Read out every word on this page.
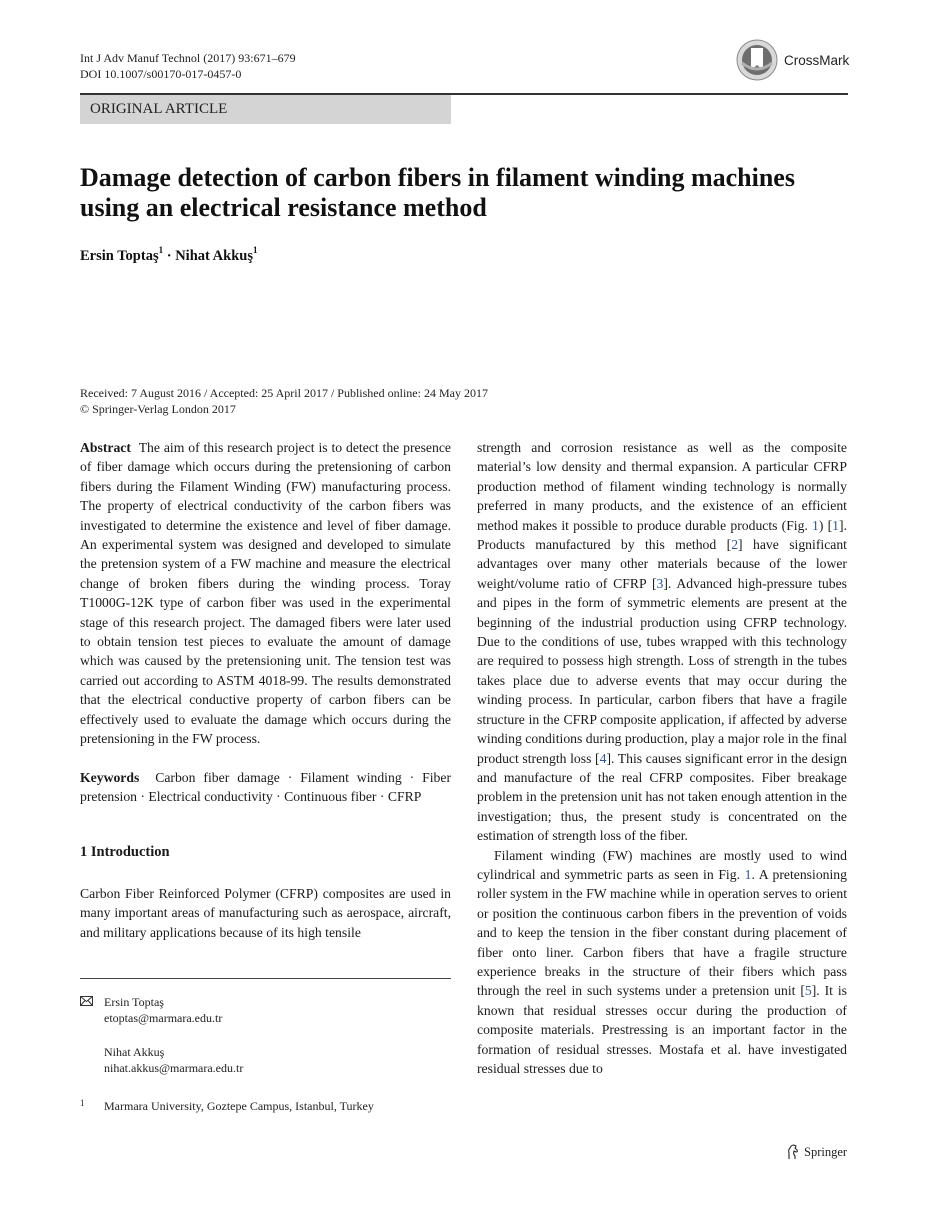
Int J Adv Manuf Technol (2017) 93:671–679
DOI 10.1007/s00170-017-0457-0
CrossMark
ORIGINAL ARTICLE
Damage detection of carbon fibers in filament winding machines
using an electrical resistance method
Ersin Toptaş$^1$ · Nihat Akkuş$^1$
Received: 7 August 2016 / Accepted: 25 April 2017 / Published online: 24 May 2017
© Springer-Verlag London 2017

Abstract The aim of this research project is to detect the presence of fiber damage which occurs during the pretensioning of carbon fibers during the Filament Winding (FW) manufacturing process. The property of electrical conductivity of the carbon fibers was investigated to determine the existence and level of fiber damage. An experimental system was designed and developed to simulate the pretension system of a FW machine and measure the electrical change of broken fibers during the winding process. Toray T1000G-12K type of carbon fiber was used in the experimental stage of this research project. The damaged fibers were later used to obtain tension test pieces to evaluate the amount of damage which was caused by the pretensioning unit. The tension test was carried out according to ASTM 4018-99. The results demonstrated that the electrical conductive property of carbon fibers can be effectively used to evaluate the damage which occurs during the pretensioning in the FW process.

Keywords Carbon fiber damage · Filament winding · Fiber pretension · Electrical conductivity · Continuous fiber · CFRP

1 Introduction

Carbon Fiber Reinforced Polymer (CFRP) composites are used in many important areas of manufacturing such as aerospace, aircraft, and military applications because of its high tensile

strength and corrosion resistance as well as the composite material’s low density and thermal expansion. A particular CFRP production method of filament winding technology is normally preferred in many products, and the existence of an efficient method makes it possible to produce durable products (Fig. 1) [1]. Products manufactured by this method [2] have significant advantages over many other materials because of the lower weight/volume ratio of CFRP [3]. Advanced high-pressure tubes and pipes in the form of symmetric elements are present at the beginning of the industrial production using CFRP technology. Due to the conditions of use, tubes wrapped with this technology are required to possess high strength. Loss of strength in the tubes takes place due to adverse events that may occur during the winding process. In particular, carbon fibers that have a fragile structure in the CFRP composite application, if affected by adverse winding conditions during production, play a major role in the final product strength loss [4]. This causes significant error in the design and manufacture of the real CFRP composites. Fiber breakage problem in the pretension unit has not taken enough attention in the investigation; thus, the present study is concentrated on the estimation of strength loss of the fiber.

Filament winding (FW) machines are mostly used to wind cylindrical and symmetric parts as seen in Fig. 1. A pretensioning roller system in the FW machine while in operation serves to orient or position the continuous carbon fibers in the prevention of voids and to keep the tension in the fiber constant during placement of fiber onto liner. Carbon fibers that have a fragile structure experience breaks in the structure of their fibers which pass through the reel in such systems under a pretension unit [5]. It is known that residual stresses occur during the production of composite materials. Prestressing is an important factor in the formation of residual stresses. Mostafa et al. have investigated residual stresses due to

Ersin Toptaş
etoptas@marmara.edu.tr
Nihat Akkuş
nihat.akkus@marmara.edu.tr
1 Marmara University, Goztepe Campus, Istanbul, Turkey
Springer
